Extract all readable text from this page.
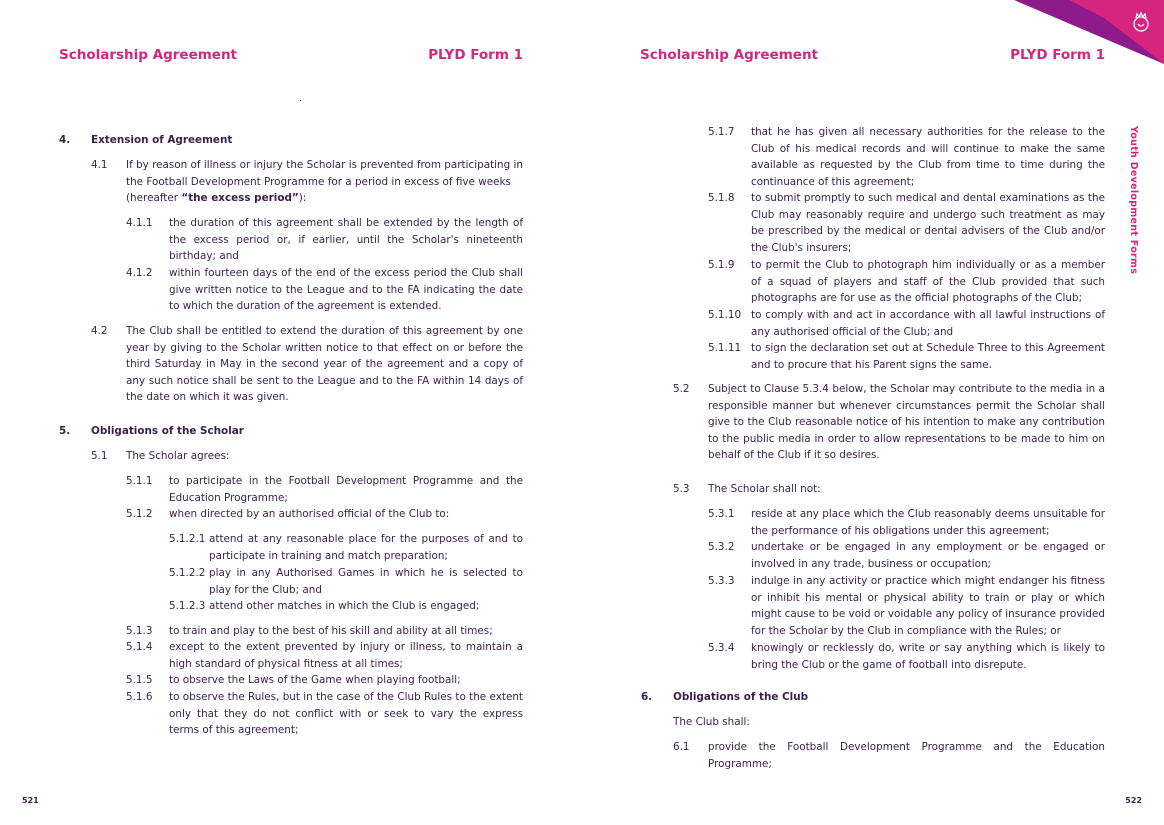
Youth Development Forms
Scholarship Agreement	PLYD Form 1
4. Extension of Agreement
4.1 If by reason of illness or injury the Scholar is prevented from participating in the Football Development Programme for a period in excess of five weeks
(hereafter “the excess period”):
4.1.1 the duration of this agreement shall be extended by the length of the excess period or, if earlier, until the Scholar's nineteenth birthday; and
4.1.2 within fourteen days of the end of the excess period the Club shall give written notice to the League and to the FA indicating the date to which the duration of the agreement is extended.
4.2 The Club shall be entitled to extend the duration of this agreement by one year by giving to the Scholar written notice to that effect on or before the third Saturday in May in the second year of the agreement and a copy of any such notice shall be sent to the League and to the FA within 14 days of the date on which it was given.
5. Obligations of the Scholar
5.1 The Scholar agrees:
5.1.1 to participate in the Football Development Programme and the Education Programme;
5.1.2 when directed by an authorised official of the Club to:
5.1.2.1 attend at any reasonable place for the purposes of and to participate in training and match preparation;
5.1.2.2 play in any Authorised Games in which he is selected to play for the Club; and
5.1.2.3 attend other matches in which the Club is engaged;
5.1.3 to train and play to the best of his skill and ability at all times;
5.1.4 except to the extent prevented by injury or illness, to maintain a high standard of physical fitness at all times;
5.1.5 to observe the Laws of the Game when playing football;
5.1.6 to observe the Rules, but in the case of the Club Rules to the extent only that they do not conflict with or seek to vary the express terms of this agreement;
521
Scholarship Agreement	PLYD Form 1
5.1.7 that he has given all necessary authorities for the release to the Club of his medical records and will continue to make the same available as requested by the Club from time to time during the continuance of this agreement;
5.1.8 to submit promptly to such medical and dental examinations as the Club may reasonably require and undergo such treatment as may be prescribed by the medical or dental advisers of the Club and/or the Club's insurers;
5.1.9 to permit the Club to photograph him individually or as a member of a squad of players and staff of the Club provided that such photographs are for use as the official photographs of the Club;
5.1.10 to comply with and act in accordance with all lawful instructions of any authorised official of the Club; and
5.1.11 to sign the declaration set out at Schedule Three to this Agreement and to procure that his Parent signs the same.
5.2 Subject to Clause 5.3.4 below, the Scholar may contribute to the media in a responsible manner but whenever circumstances permit the Scholar shall give to the Club reasonable notice of his intention to make any contribution to the public media in order to allow representations to be made to him on behalf of the Club if it so desires.
5.3 The Scholar shall not:
5.3.1 reside at any place which the Club reasonably deems unsuitable for the performance of his obligations under this agreement;
5.3.2 undertake or be engaged in any employment or be engaged or involved in any trade, business or occupation;
5.3.3 indulge in any activity or practice which might endanger his fitness or inhibit his mental or physical ability to train or play or which might cause to be void or voidable any policy of insurance provided for the Scholar by the Club in compliance with the Rules; or
5.3.4 knowingly or recklessly do, write or say anything which is likely to bring the Club or the game of football into disrepute.
6. Obligations of the Club
The Club shall:
6.1 provide the Football Development Programme and the Education Programme;
522
